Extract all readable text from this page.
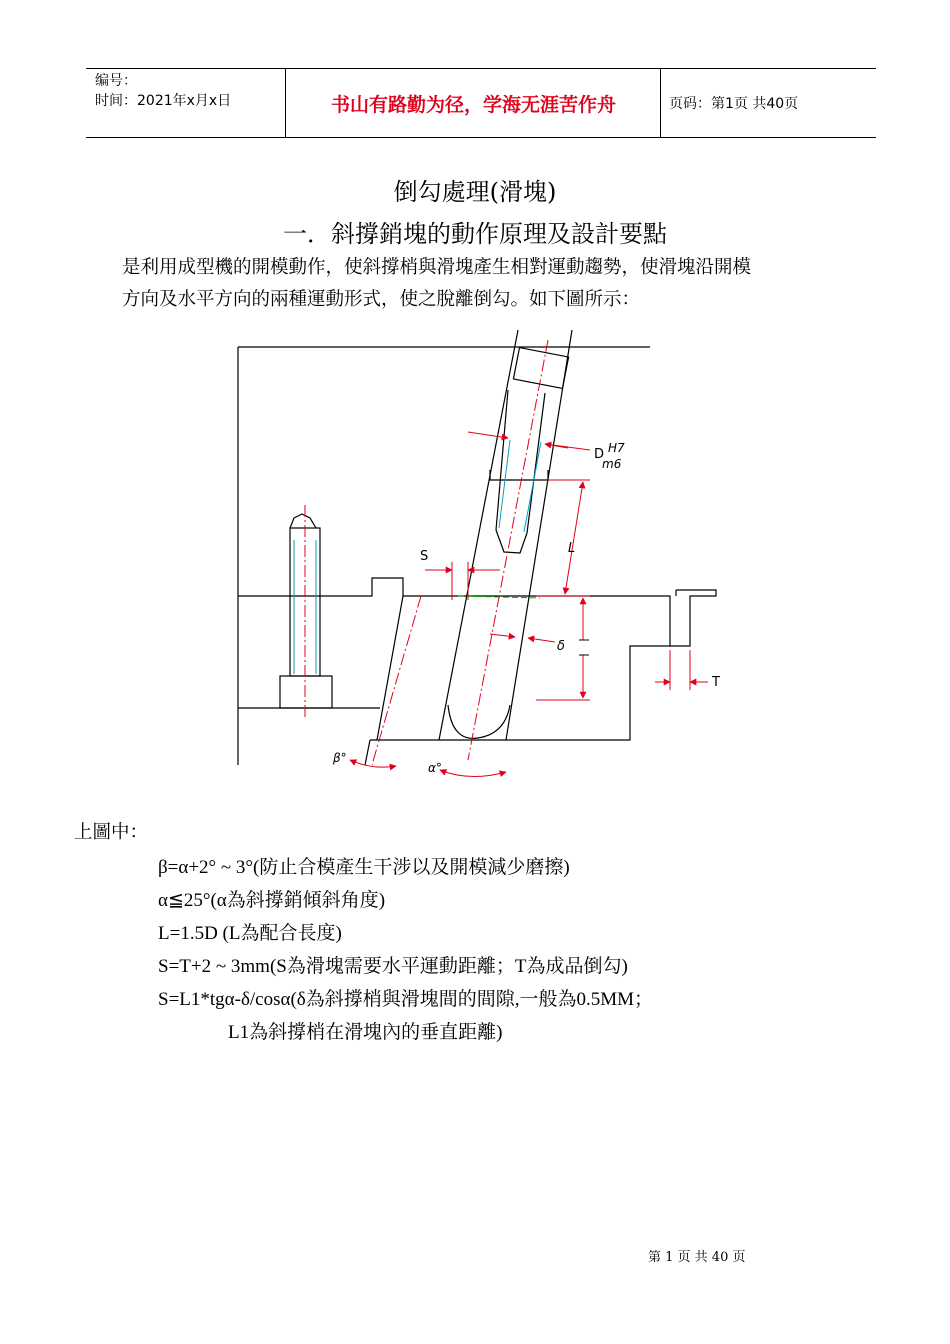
编号：
时间：2021年x月x日	书山有路勤为径，学海无涯苦作舟	页码：第1页 共40页
倒勾處理(滑塊)
一．斜撐銷塊的動作原理及設計要點
是利用成型機的開模動作，使斜撐梢與滑塊產生相對運動趨勢，使滑塊沿開模
方向及水平方向的兩種運動形式，使之脫離倒勾。如下圖所示：
S
D H7
m6
L
δ
T
β°
α°
上圖中：
β=α+2° ~ 3°(防止合模產生干涉以及開模減少磨擦)
α≦25°(α為斜撐銷傾斜角度)
L=1.5D (L為配合長度)
S=T+2 ~ 3mm(S為滑塊需要水平運動距離；T為成品倒勾)
S=L1*tgα-δ/cosα(δ為斜撐梢與滑塊間的間隙,一般為0.5MM；
L1為斜撐梢在滑塊內的垂直距離)
第 1 页 共 40 页
